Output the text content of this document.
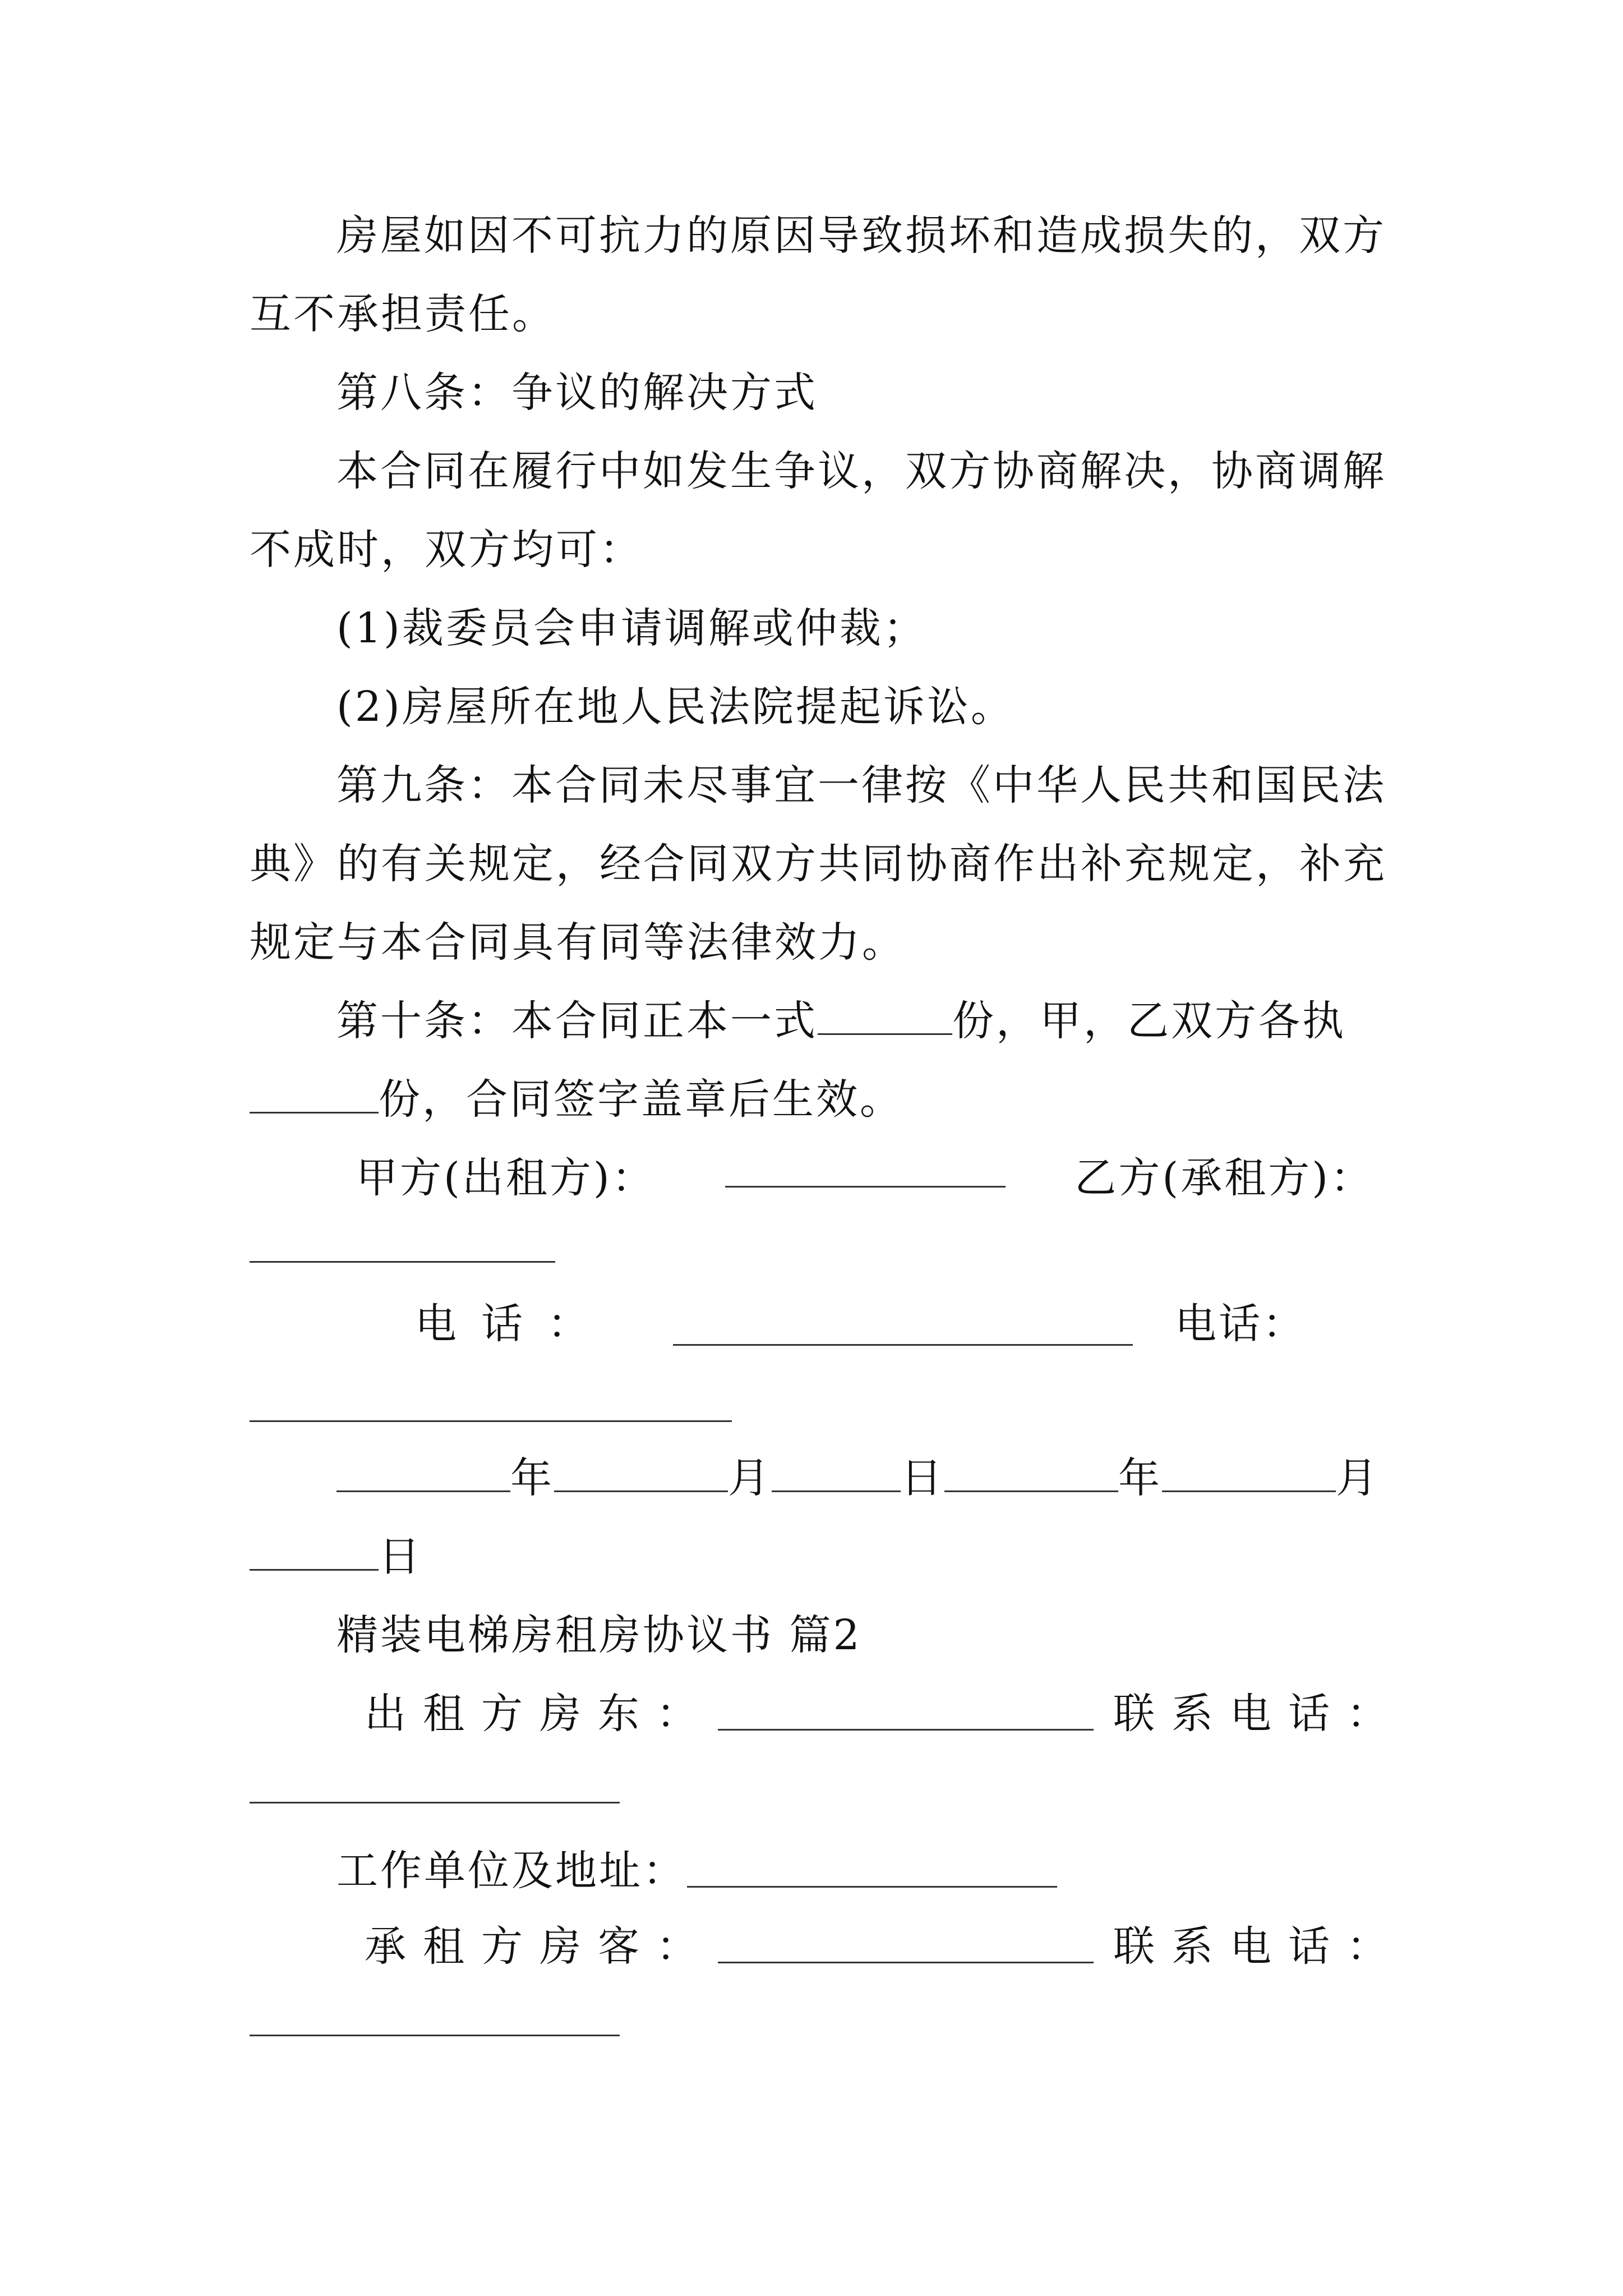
房屋如因不可抗力的原因导致损坏和造成损失的，双方
互不承担责任。
第八条：争议的解决方式
本合同在履行中如发生争议，双方协商解决，协商调解
不成时，双方均可：
(1)裁委员会申请调解或仲裁；
(2)房屋所在地人民法院提起诉讼。
第九条：本合同未尽事宜一律按《中华人民共和国民法
典》的有关规定，经合同双方共同协商作出补充规定，补充
规定与本合同具有同等法律效力。
第十条：本合同正本一式	份，甲，乙双方各执
份，合同签字盖章后生效。
甲方(出租方)：	乙方(承租方)：
电话：	电话：
年	月	日	年	月
日
精装电梯房租房协议书 篇2
出租方房东：	联系电话：
工作单位及地址：
承租方房客：	联系电话：
